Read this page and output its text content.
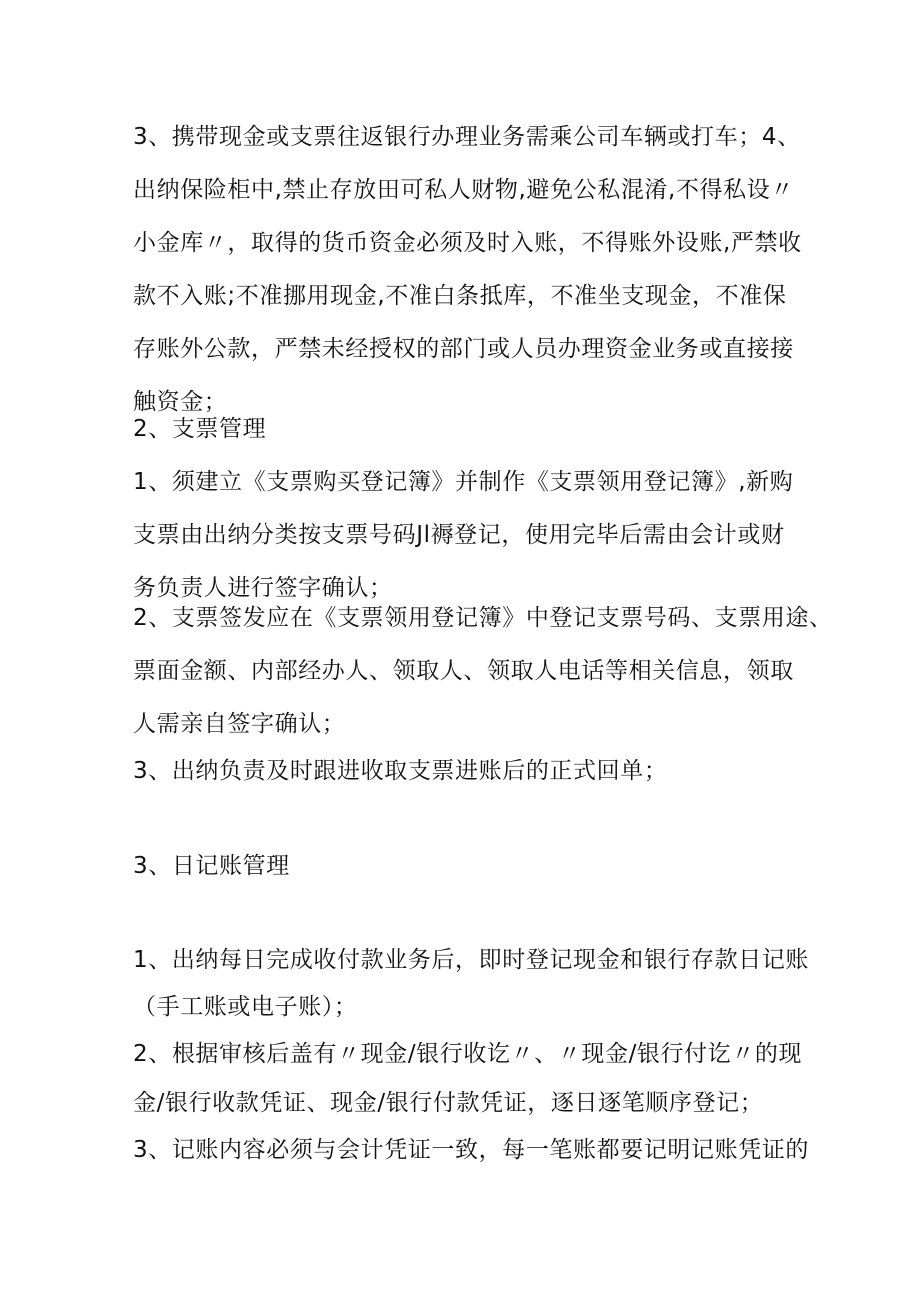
3、携带现金或支票往返银行办理业务需乘公司车辆或打车；4、

出纳保险柜中,禁止存放田可私人财物,避免公私混淆,不得私设〃

小金库〃，取得的货币资金必须及时入账，不得账外设账,严禁收

款不入账;不准挪用现金,不准白条抵库，不准坐支现金，不准保

存账外公款，严禁未经授权的部门或人员办理资金业务或直接接

触资金；

2、支票管理

1、须建立《支票购买登记簿》并制作《支票领用登记簿》,新购

支票由出纳分类按支票号码Jl褥登记，使用完毕后需由会计或财

务负责人进行签字确认；

2、支票签发应在《支票领用登记簿》中登记支票号码、支票用途、

票面金额、内部经办人、领取人、领取人电话等相关信息，领取

人需亲自签字确认；

3、出纳负责及时跟进收取支票进账后的正式回单；

3、日记账管理

1、出纳每日完成收付款业务后，即时登记现金和银行存款日记账

（手工账或电子账）；

2、根据审核后盖有〃现金/银行收讫〃、〃现金/银行付讫〃的现

金/银行收款凭证、现金/银行付款凭证，逐日逐笔顺序登记；

3、记账内容必须与会计凭证一致，每一笔账都要记明记账凭证的
